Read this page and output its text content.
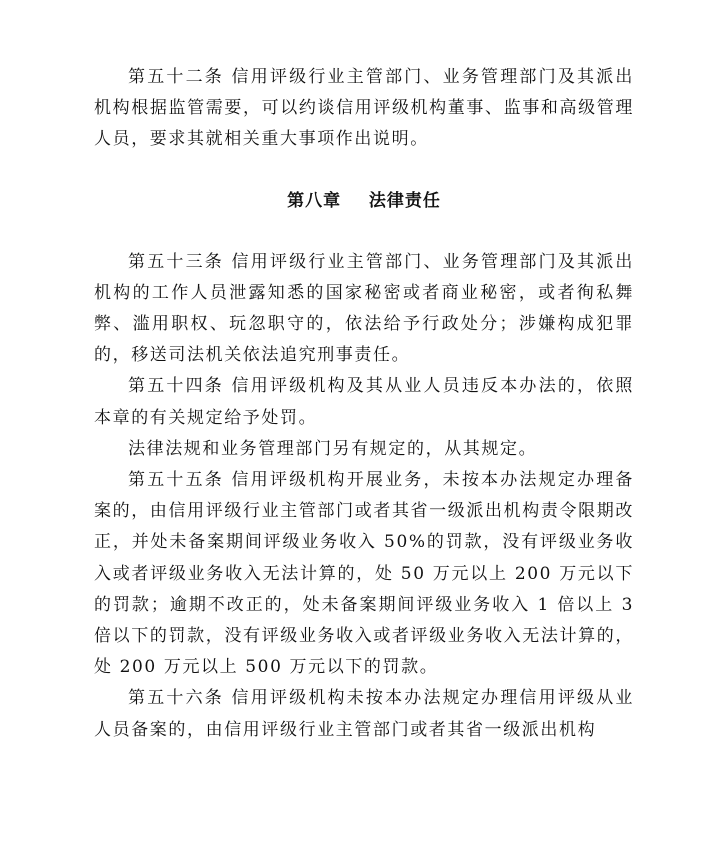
第五十二条 信用评级行业主管部门、业务管理部门及其派出机构根据监管需要，可以约谈信用评级机构董事、监事和高级管理人员，要求其就相关重大事项作出说明。

第八章    法律责任

第五十三条 信用评级行业主管部门、业务管理部门及其派出机构的工作人员泄露知悉的国家秘密或者商业秘密，或者徇私舞弊、滥用职权、玩忽职守的，依法给予行政处分；涉嫌构成犯罪的，移送司法机关依法追究刑事责任。

第五十四条 信用评级机构及其从业人员违反本办法的，依照本章的有关规定给予处罚。

法律法规和业务管理部门另有规定的，从其规定。

第五十五条 信用评级机构开展业务，未按本办法规定办理备案的，由信用评级行业主管部门或者其省一级派出机构责令限期改正，并处未备案期间评级业务收入 50%的罚款，没有评级业务收入或者评级业务收入无法计算的，处 50 万元以上 200 万元以下的罚款；逾期不改正的，处未备案期间评级业务收入 1 倍以上 3 倍以下的罚款，没有评级业务收入或者评级业务收入无法计算的，处 200 万元以上 500 万元以下的罚款。

第五十六条 信用评级机构未按本办法规定办理信用评级从业人员备案的，由信用评级行业主管部门或者其省一级派出机构
